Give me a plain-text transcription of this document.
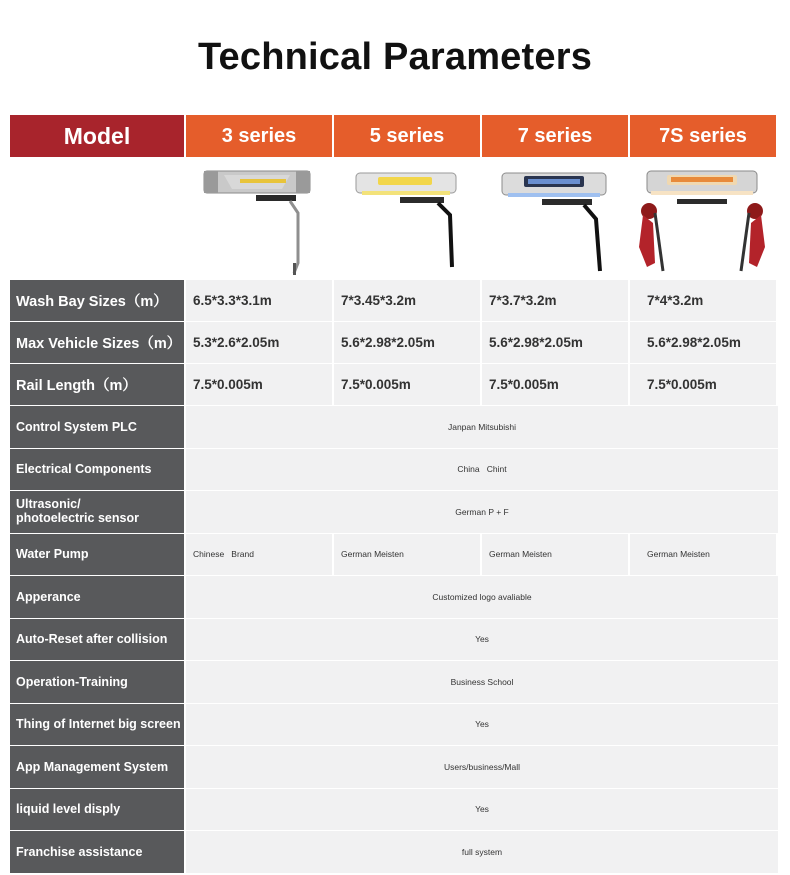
Technical Parameters
Model	3 series	5 series	7 series	7S series
Wash Bay Sizes（m）	6.5*3.3*3.1m	7*3.45*3.2m	7*3.7*3.2m	7*4*3.2m
Max Vehicle Sizes（m） 5.3*2.6*2.05m	5.6*2.98*2.05m	5.6*2.98*2.05m	5.6*2.98*2.05m
Rail Length（m）	7.5*0.005m	7.5*0.005m	7.5*0.005m	7.5*0.005m
Control System PLC	Janpan Mitsubishi
Electrical Components	China   Chint
Ultrasonic/
photoelectric sensor	German P + F
Water Pump	Chinese   Brand	German Meisten	German Meisten	German Meisten
Apperance	Customized logo avaliable
Auto-Reset after collision	Yes
Operation-Training	Business School
Thing of Internet big screen	Yes
App Management System	Users/business/Mall
liquid level disply	Yes
Franchise assistance	full system
